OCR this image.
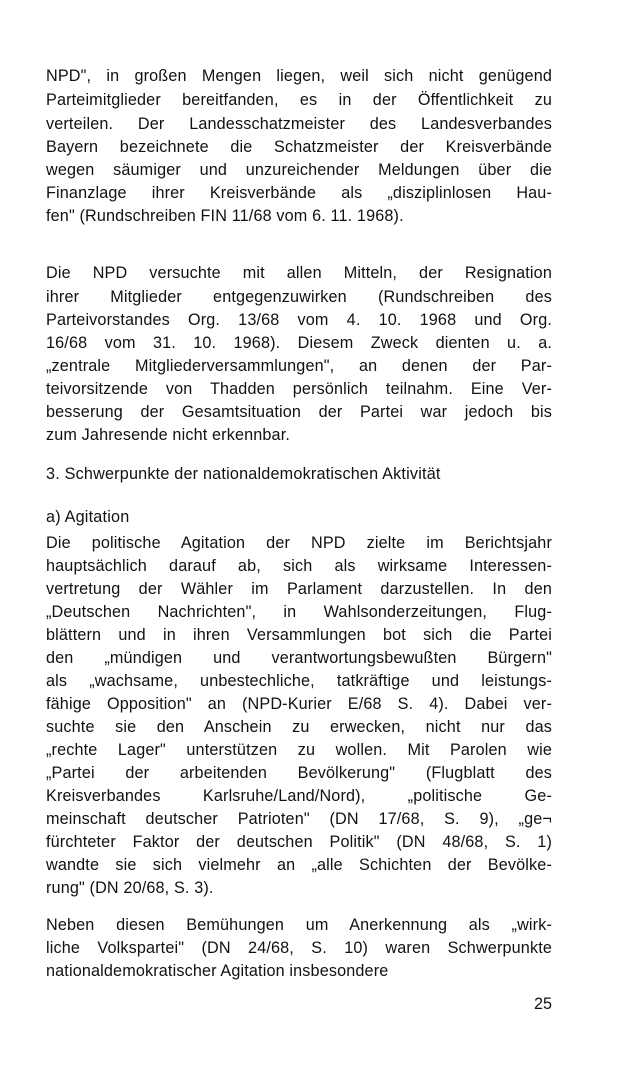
NPD", in großen Mengen liegen, weil sich nicht genügend
Parteimitglieder bereitfanden, es in der Öffentlichkeit zu
verteilen. Der Landesschatzmeister des Landesverbandes
Bayern bezeichnete die Schatzmeister der Kreisverbände
wegen säumiger und unzureichender Meldungen über die
Finanzlage ihrer Kreisverbände als „disziplinlosen Hau-
fen" (Rundschreiben FIN 11/68 vom 6. 11. 1968).
Die NPD versuchte mit allen Mitteln, der Resignation
ihrer Mitglieder entgegenzuwirken (Rundschreiben des
Parteivorstandes Org. 13/68 vom 4. 10. 1968 und Org.
16/68 vom 31. 10. 1968). Diesem Zweck dienten u. a.
„zentrale Mitgliederversammlungen", an denen der Par-
teivorsitzende von Thadden persönlich teilnahm. Eine Ver-
besserung der Gesamtsituation der Partei war jedoch bis
zum Jahresende nicht erkennbar.
3. Schwerpunkte der nationaldemokratischen Aktivität
a) Agitation
Die politische Agitation der NPD zielte im Berichtsjahr
hauptsächlich darauf ab, sich als wirksame Interessen-
vertretung der Wähler im Parlament darzustellen. In den
„Deutschen Nachrichten", in Wahlsonderzeitungen, Flug-
blättern und in ihren Versammlungen bot sich die Partei
den „mündigen und verantwortungsbewußten Bürgern"
als „wachsame, unbestechliche, tatkräftige und leistungs-
fähige Opposition" an (NPD-Kurier E/68 S. 4). Dabei ver-
suchte sie den Anschein zu erwecken, nicht nur das
„rechte Lager" unterstützen zu wollen. Mit Parolen wie
„Partei der arbeitenden Bevölkerung" (Flugblatt des
Kreisverbandes Karlsruhe/Land/Nord), „politische Ge-
meinschaft deutscher Patrioten" (DN 17/68, S. 9), „ge¬
fürchteter Faktor der deutschen Politik" (DN 48/68, S. 1)
wandte sie sich vielmehr an „alle Schichten der Bevölke-
rung" (DN 20/68, S. 3).
Neben diesen Bemühungen um Anerkennung als „wirk-
liche Volkspartei" (DN 24/68, S. 10) waren Schwerpunkte
nationaldemokratischer Agitation insbesondere
25
